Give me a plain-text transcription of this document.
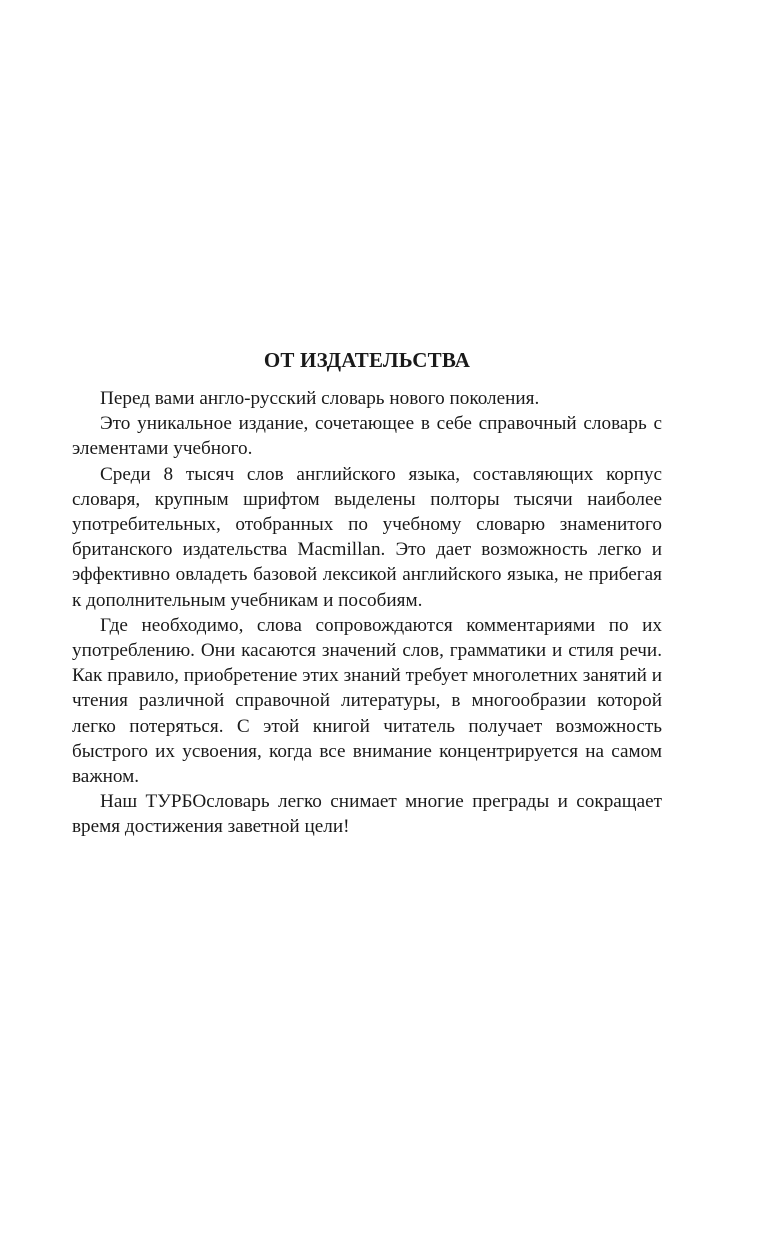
ОТ ИЗДАТЕЛЬСТВА

Перед вами англо-русский словарь нового поколения.

Это уникальное издание, сочетающее в себе справочный словарь с элементами учебного.

Среди 8 тысяч слов английского языка, составляющих корпус словаря, крупным шрифтом выделены полторы тысячи наиболее употребительных, отобранных по учебному словарю знаменитого британского издательства Macmillan. Это дает возможность легко и эффективно овладеть базовой лексикой английского языка, не прибегая к дополнительным учебникам и пособиям.

Где необходимо, слова сопровождаются комментариями по их употреблению. Они касаются значений слов, грамматики и стиля речи. Как правило, приобретение этих знаний требует многолетних занятий и чтения различной справочной литературы, в многообразии которой легко потеряться. С этой книгой читатель получает возможность быстрого их усвоения, когда все внимание концентрируется на самом важном.

Наш ТУРБОсловарь легко снимает многие преграды и сокращает время достижения заветной цели!
